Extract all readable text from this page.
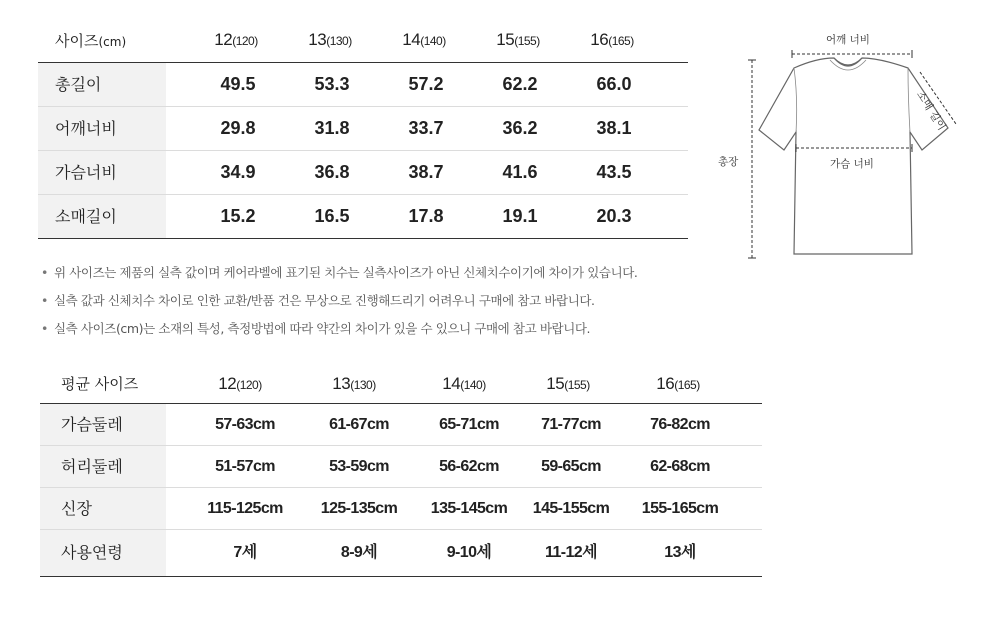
사이즈(cm)	12(120)	13(130)	14(140)	15(155)	16(165)
총길이	49.5	53.3	57.2	62.2	66.0
어깨너비	29.8	31.8	33.7	36.2	38.1
가슴너비	34.9	36.8	38.7	41.6	43.5
소매길이	15.2	16.5	17.8	19.1	20.3
• 위 사이즈는 제품의 실측 값이며 케어라벨에 표기된 치수는 실측사이즈가 아닌 신체치수이기에 차이가 있습니다.
• 실측 값과 신체치수 차이로 인한 교환/반품 건은 무상으로 진행해드리기 어려우니 구매에 참고 바랍니다.
• 실측 사이즈(cm)는 소재의 특성, 측정방법에 따라 약간의 차이가 있을 수 있으니 구매에 참고 바랍니다.
평균 사이즈	12(120)	13(130)	14(140)	15(155)	16(165)
가슴둘레	57-63cm	61-67cm	65-71cm	71-77cm	76-82cm
허리둘레	51-57cm	53-59cm	56-62cm	59-65cm	62-68cm
신장	115-125cm	125-135cm	135-145cm	145-155cm	155-165cm
사용연령	7세	8-9세	9-10세	11-12세	13세
어깨 너비
소매 길이
총장	가슴 너비
